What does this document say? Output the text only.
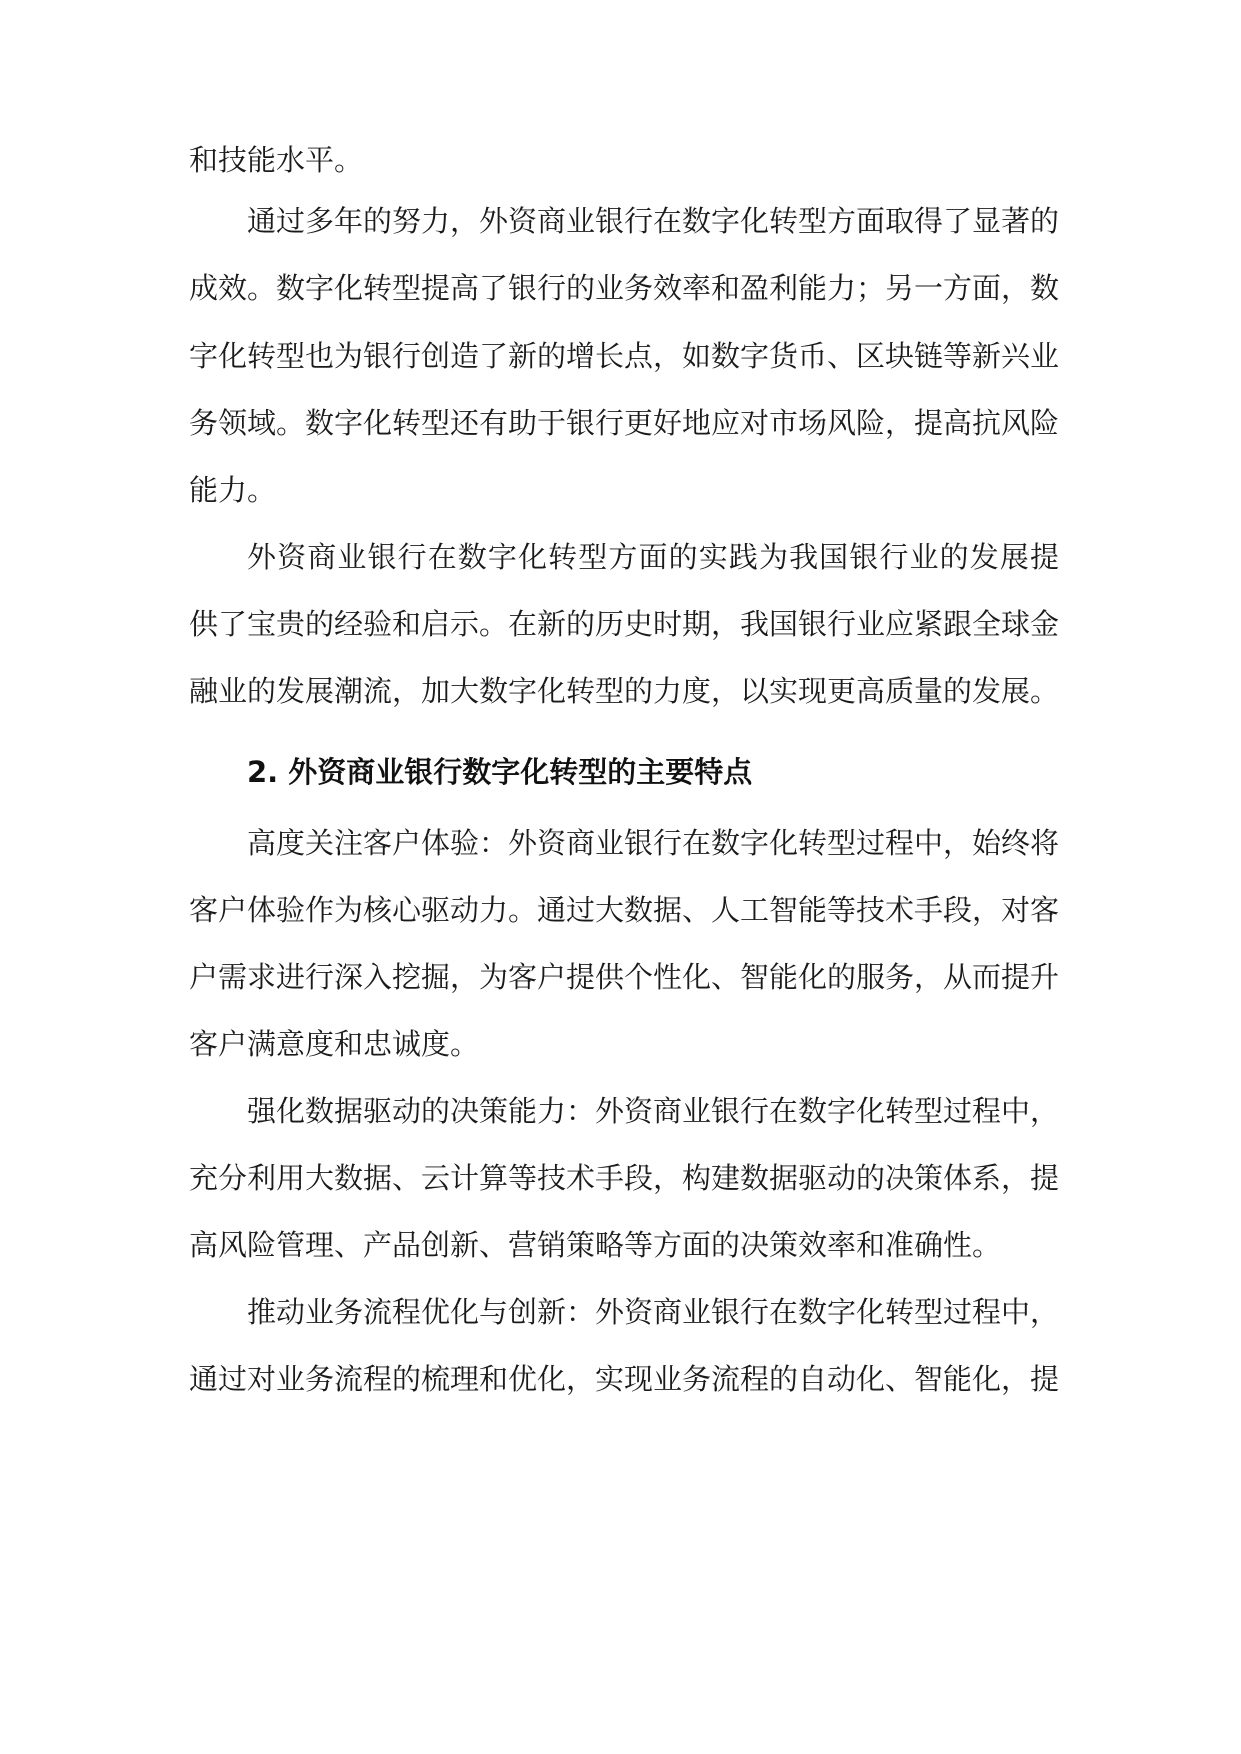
和技能水平。
通过多年的努力，外资商业银行在数字化转型方面取得了显著的
成效。数字化转型提高了银行的业务效率和盈利能力；另一方面，数
字化转型也为银行创造了新的增长点，如数字货币、区块链等新兴业
务领域。数字化转型还有助于银行更好地应对市场风险，提高抗风险
能力。
外资商业银行在数字化转型方面的实践为我国银行业的发展提
供了宝贵的经验和启示。在新的历史时期，我国银行业应紧跟全球金
融业的发展潮流，加大数字化转型的力度，以实现更高质量的发展。
2. 外资商业银行数字化转型的主要特点
高度关注客户体验：外资商业银行在数字化转型过程中，始终将
客户体验作为核心驱动力。通过大数据、人工智能等技术手段，对客
户需求进行深入挖掘，为客户提供个性化、智能化的服务，从而提升
客户满意度和忠诚度。
强化数据驱动的决策能力：外资商业银行在数字化转型过程中，
充分利用大数据、云计算等技术手段，构建数据驱动的决策体系，提
高风险管理、产品创新、营销策略等方面的决策效率和准确性。
推动业务流程优化与创新：外资商业银行在数字化转型过程中，
通过对业务流程的梳理和优化，实现业务流程的自动化、智能化，提
